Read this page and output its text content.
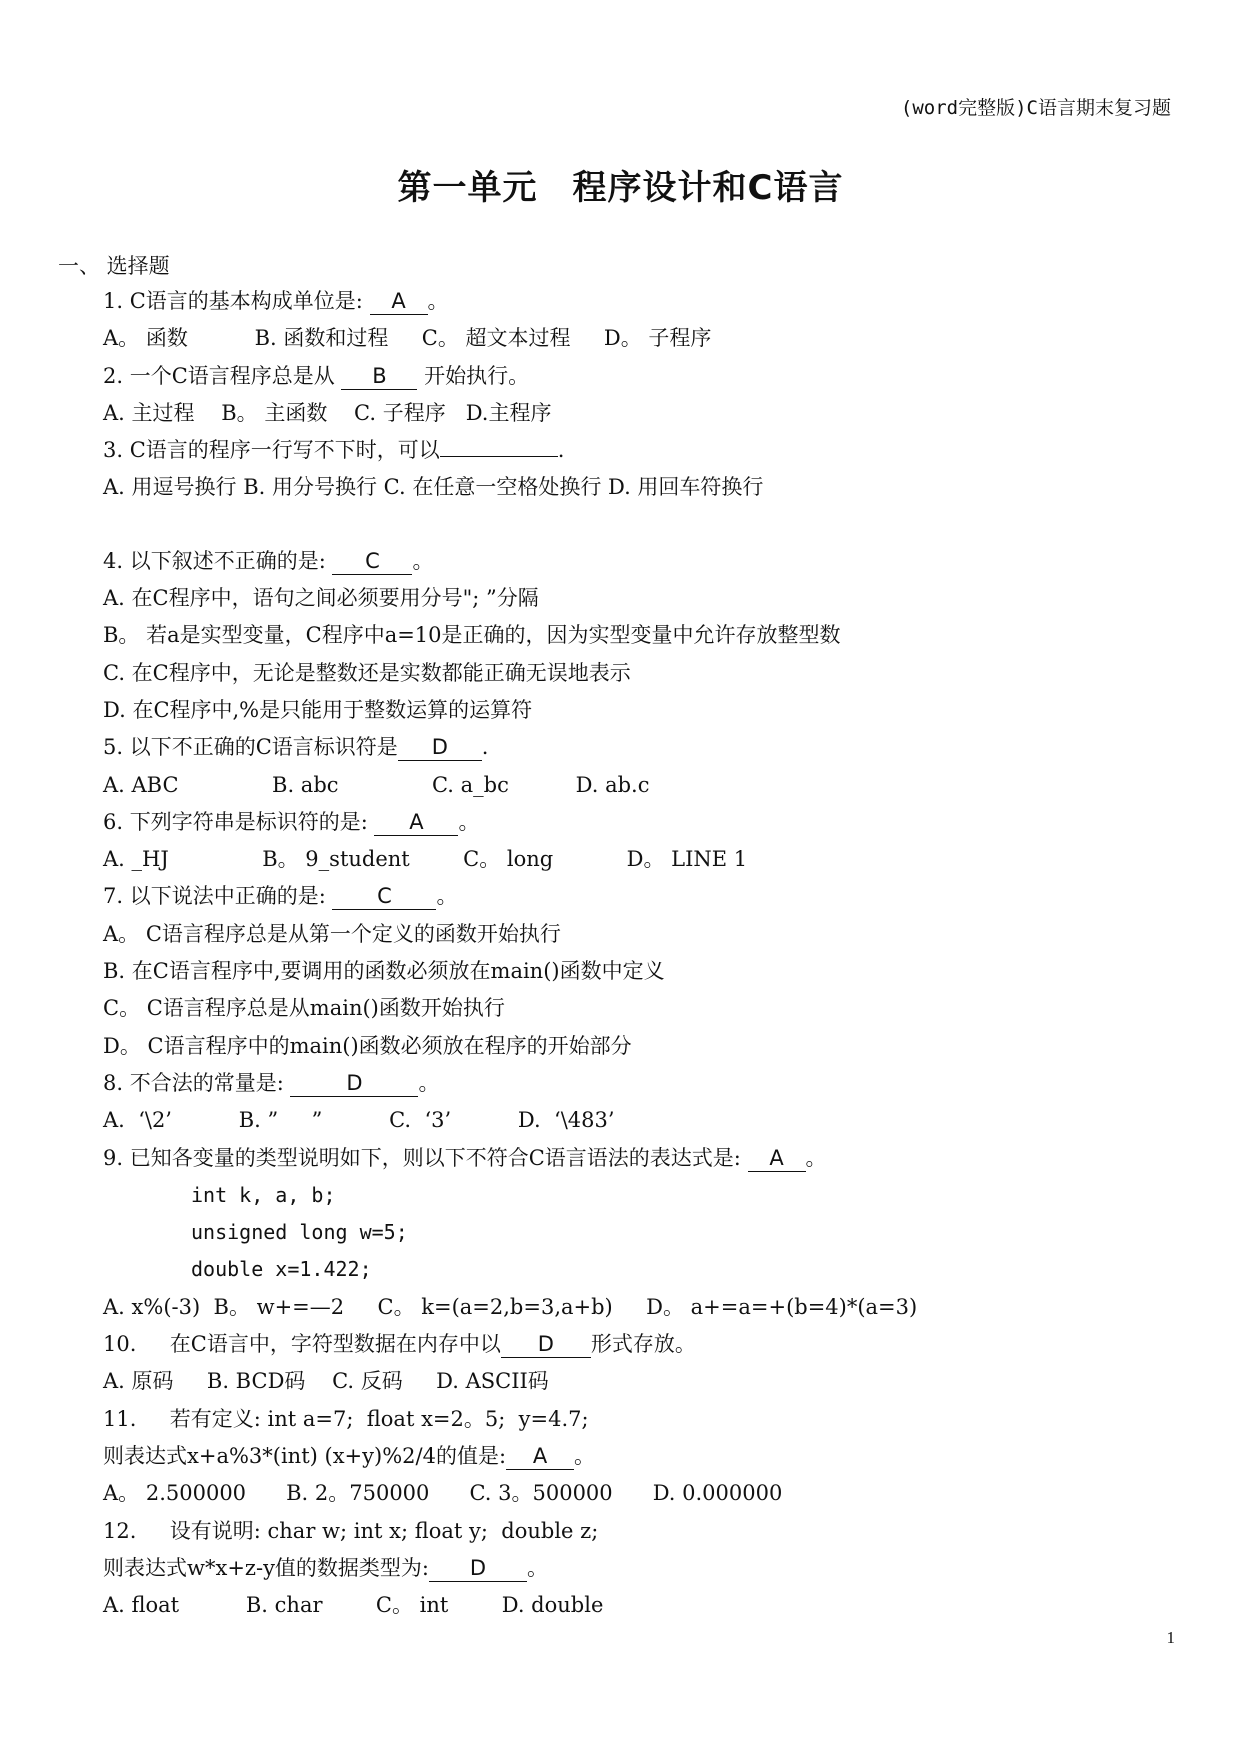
(word完整版)C语言期末复习题
第一单元　程序设计和C语言
一、 选择题
1. C语言的基本构成单位是: A 。
A。 函数          B. 函数和过程     C。 超文本过程     D。 子程序
2. 一个C语言程序总是从 B 开始执行。
A. 主过程    B。 主函数    C. 子程序   D.主程序
3. C语言的程序一行写不下时，可以	.
A. 用逗号换行 B. 用分号换行 C. 在任意一空格处换行 D. 用回车符换行
4. 以下叙述不正确的是: C 。
A. 在C程序中，语句之间必须要用分号"; ”分隔
B。 若a是实型变量，C程序中a=10是正确的，因为实型变量中允许存放整型数
C. 在C程序中，无论是整数还是实数都能正确无误地表示
D. 在C程序中,%是只能用于整数运算的运算符
5. 以下不正确的C语言标识符是 D .
A. ABC              B. abc              C. a_bc          D. ab.c
6. 下列字符串是标识符的是: A 。
A. _HJ              B。 9_student        C。 long           D。 LINE 1
7. 以下说法中正确的是: C 。
A。 C语言程序总是从第一个定义的函数开始执行
B. 在C语言程序中,要调用的函数必须放在main()函数中定义
C。 C语言程序总是从main()函数开始执行
D。 C语言程序中的main()函数必须放在程序的开始部分
8. 不合法的常量是:	D	。
A.  ‘\2’          B. ”     ”          C.  ‘3’          D.  ‘\483’
9. 已知各变量的类型说明如下，则以下不符合C语言语法的表达式是: A 。
int k, a, b;
unsigned long w=5;
double x=1.422;
A. x%(-3)  B。 w+=—2     C。 k=(a=2,b=3,a+b)     D。 a+=a=+(b=4)*(a=3)
10.     在C语言中，字符型数据在内存中以 D 形式存放。
A. 原码     B. BCD码    C. 反码     D. ASCII码
11.     若有定义: int a=7;  float x=2。5;  y=4.7;
则表达式x+a%3*(int) (x+y)%2/4的值是: A 。
A。 2.500000      B. 2。750000      C. 3。500000      D. 0.000000
12.     设有说明: char w; int x; float y;  double z;
则表达式w*x+z-y值的数据类型为: D 。
A. float          B. char        C。 int        D. double
1
